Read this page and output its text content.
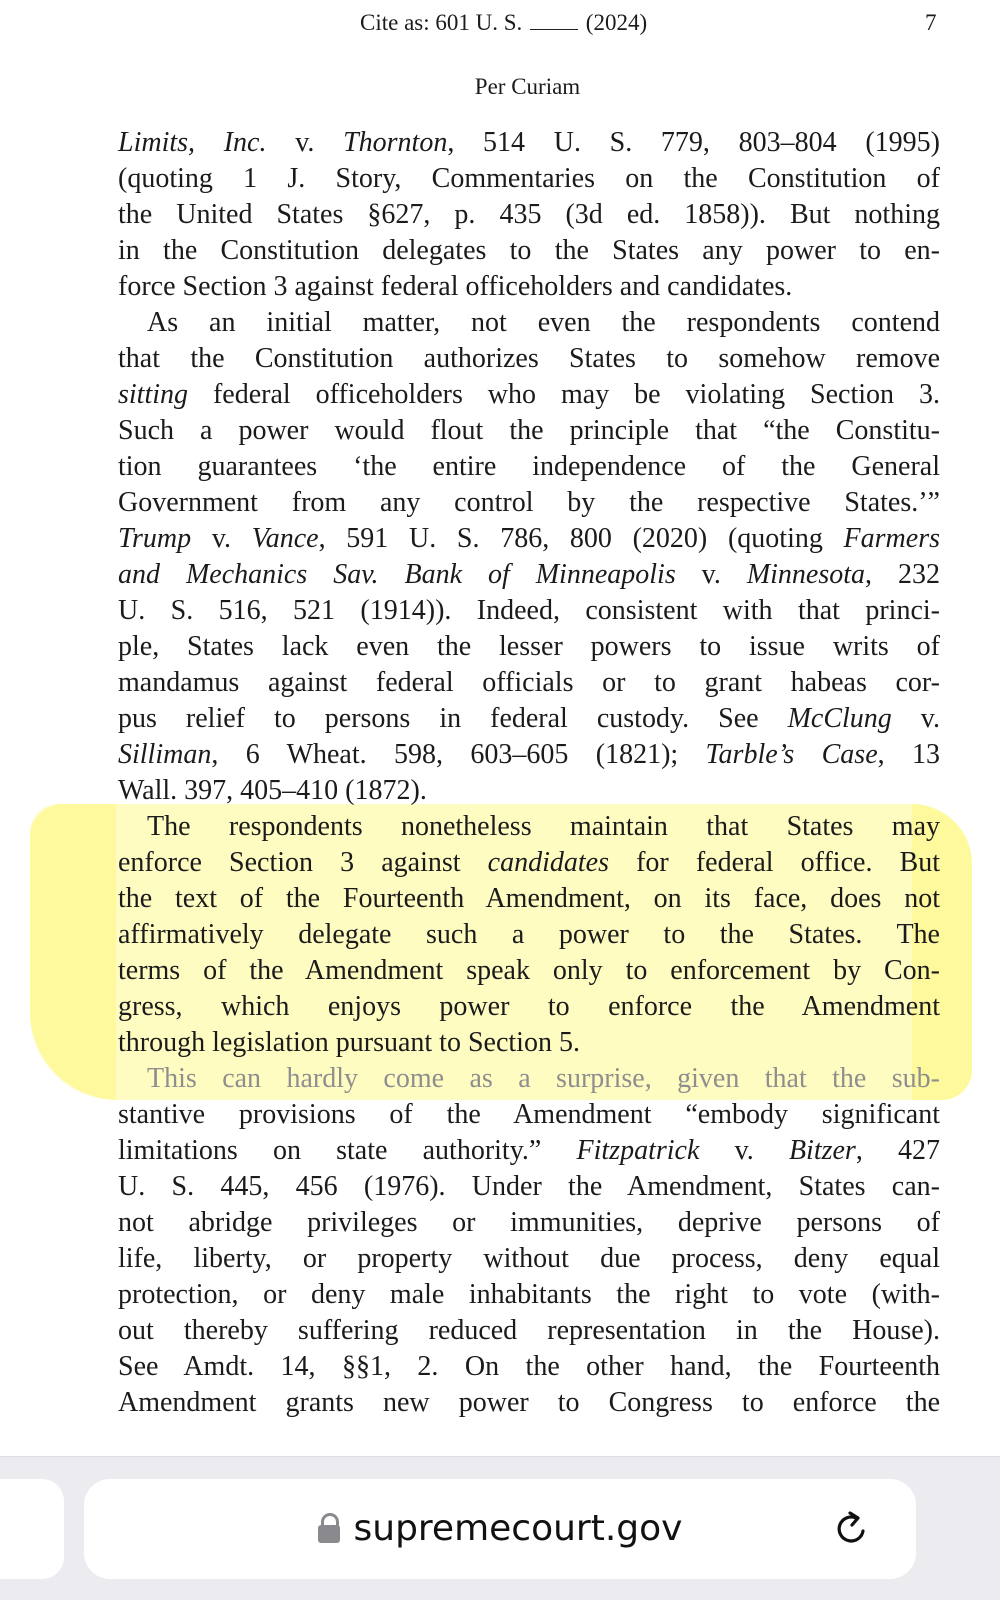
Cite as: 601 U. S.	(2024)	7
Per Curiam
Limits, Inc. v. Thornton, 514 U. S. 779, 803–804 (1995)
(quoting 1 J. Story, Commentaries on the Constitution of
the United States §627, p. 435 (3d ed. 1858)). But nothing
in the Constitution delegates to the States any power to en-
force Section 3 against federal officeholders and candidates.
As an initial matter, not even the respondents contend
that the Constitution authorizes States to somehow remove
sitting federal officeholders who may be violating Section 3.
Such a power would flout the principle that “the Constitu-
tion guarantees ‘the entire independence of the General
Government from any control by the respective States.’”
Trump v. Vance, 591 U. S. 786, 800 (2020) (quoting Farmers
and Mechanics Sav. Bank of Minneapolis v. Minnesota, 232
U. S. 516, 521 (1914)). Indeed, consistent with that princi-
ple, States lack even the lesser powers to issue writs of
mandamus against federal officials or to grant habeas cor-
pus relief to persons in federal custody. See McClung v.
Silliman, 6 Wheat. 598, 603–605 (1821); Tarble’s Case, 13
Wall. 397, 405–410 (1872).
The respondents nonetheless maintain that States may
enforce Section 3 against candidates for federal office. But
the text of the Fourteenth Amendment, on its face, does not
affirmatively delegate such a power to the States. The
terms of the Amendment speak only to enforcement by Con-
gress, which enjoys power to enforce the Amendment
through legislation pursuant to Section 5.
This can hardly come as a surprise, given that the sub-
stantive provisions of the Amendment “embody significant
limitations on state authority.” Fitzpatrick v. Bitzer, 427
U. S. 445, 456 (1976). Under the Amendment, States can-
not abridge privileges or immunities, deprive persons of
life, liberty, or property without due process, deny equal
protection, or deny male inhabitants the right to vote (with-
out thereby suffering reduced representation in the House).
See Amdt. 14, §§1, 2. On the other hand, the Fourteenth
Amendment grants new power to Congress to enforce the
supremecourt.gov
